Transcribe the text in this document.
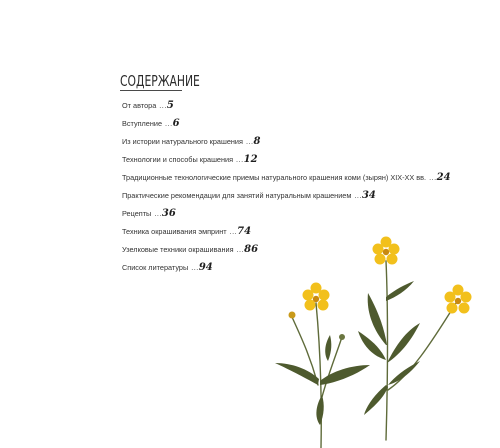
СОДЕРЖАНИЕ
От автора ... 5
Вступление ... 6
Из истории натурального крашения ... 8
Технологии и способы крашения ... 12
Традиционные технологические приемы натурального крашения коми (зырян) XIX-XX вв. ... 24
Практические рекомендации для занятий натуральным крашением ... 34
Рецепты ... 36
Техника окрашивания эмпринт ... 74
Узелковые техники окрашивания ... 86
Список литературы ... 94
